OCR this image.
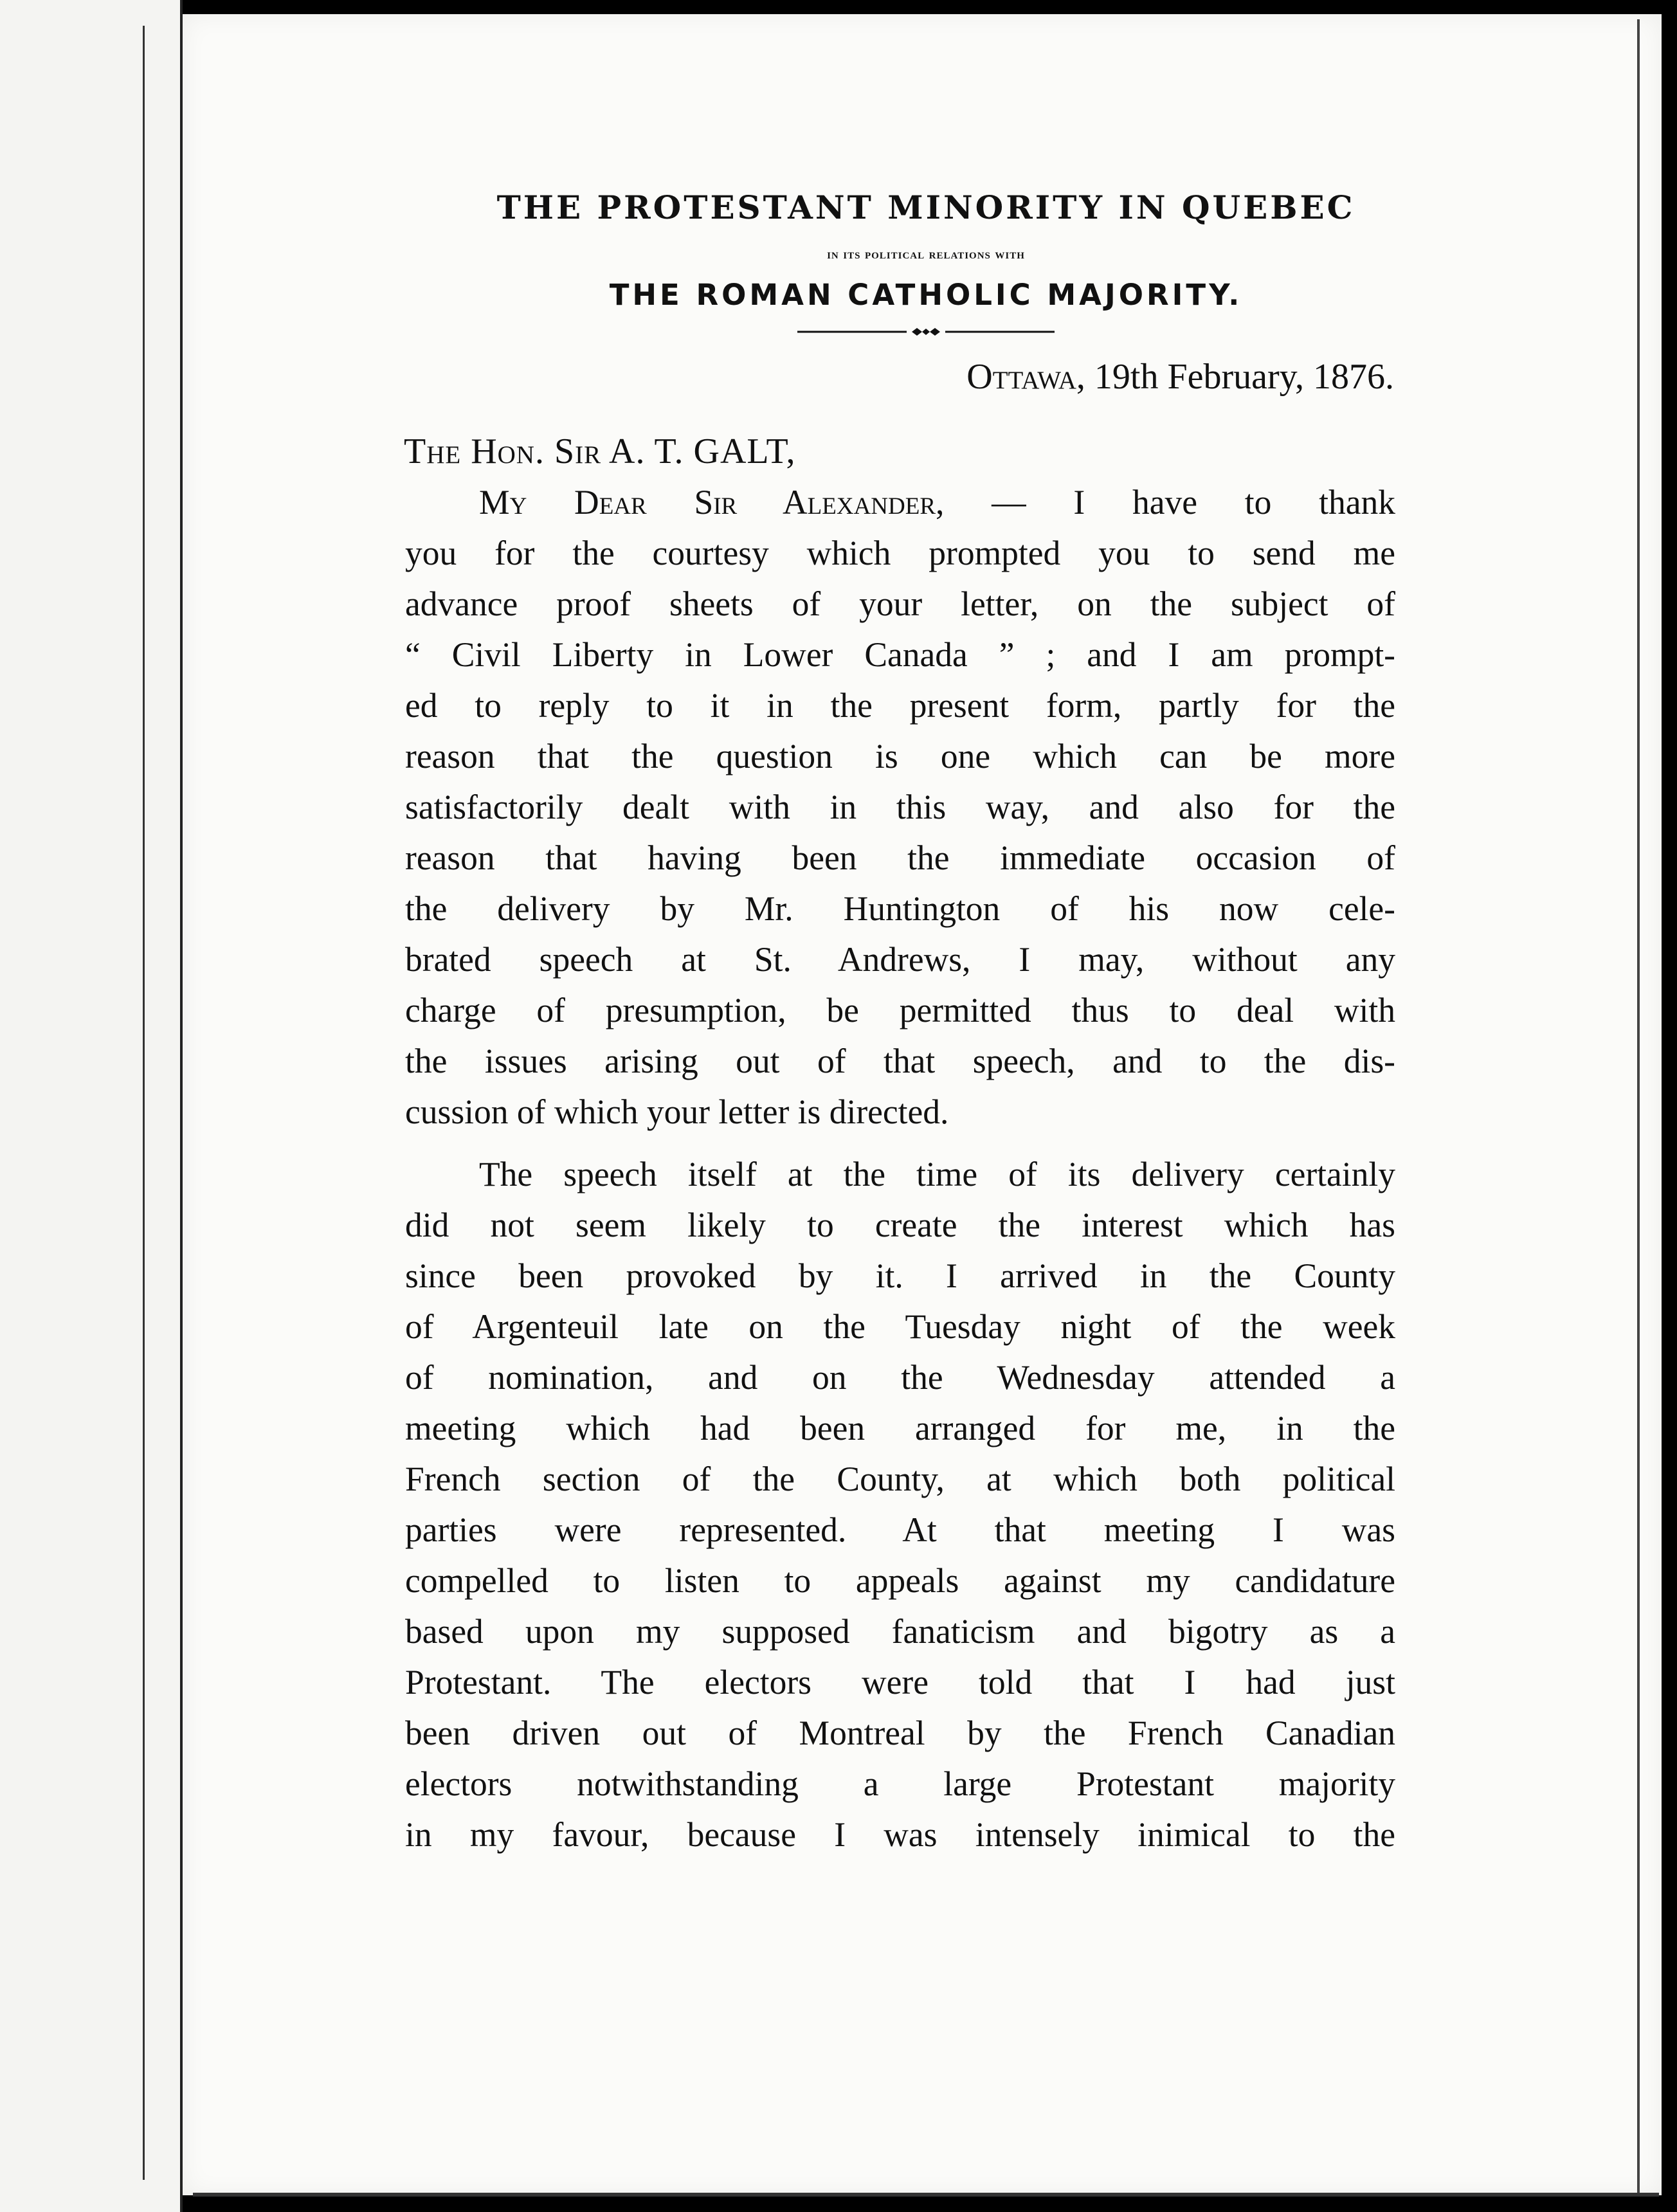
THE PROTESTANT MINORITY IN QUEBEC
in its political relations with
THE ROMAN CATHOLIC MAJORITY.
Ottawa, 19th February, 1876.
The Hon. Sir A. T. GALT,
My Dear Sir Alexander, — I have to thank
you for the courtesy which prompted you to send me
advance proof sheets of your letter, on the subject of
“ Civil Liberty in Lower Canada ” ; and I am prompt-
ed to reply to it in the present form, partly for the
reason that the question is one which can be more
satisfactorily dealt with in this way, and also for the
reason that having been the immediate occasion of
the delivery by Mr. Huntington of his now cele-
brated speech at St. Andrews, I may, without any
charge of presumption, be permitted thus to deal with
the issues arising out of that speech, and to the dis-
cussion of which your letter is directed.
The speech itself at the time of its delivery certainly
did not seem likely to create the interest which has
since been provoked by it. I arrived in the County
of Argenteuil late on the Tuesday night of the week
of nomination, and on the Wednesday attended a
meeting which had been arranged for me, in the
French section of the County, at which both political
parties were represented. At that meeting I was
compelled to listen to appeals against my candidature
based upon my supposed fanaticism and bigotry as a
Protestant. The electors were told that I had just
been driven out of Montreal by the French Canadian
electors notwithstanding a large Protestant majority
in my favour, because I was intensely inimical to the
